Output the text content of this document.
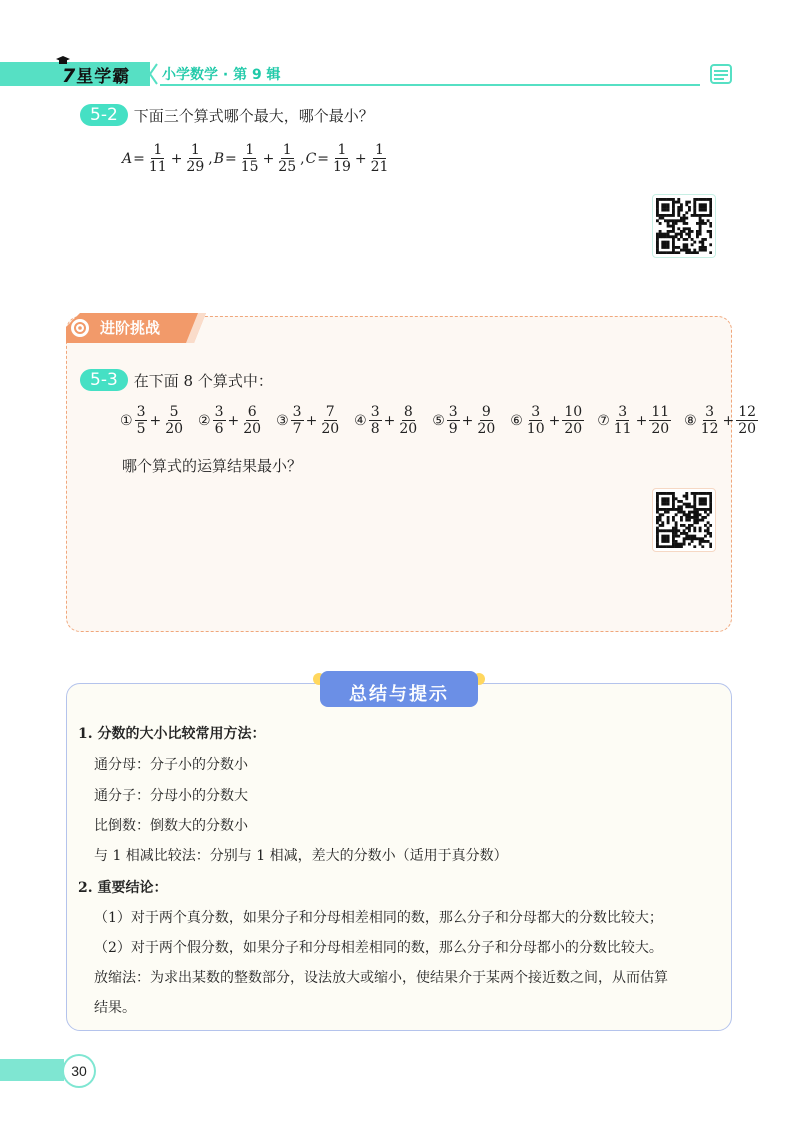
7星学霸 小学数学 · 第 9 辑
5-2	下面三个算式哪个最大，哪个最小？
$A = \frac{1}{11} + \frac{1}{29}$ , $B = \frac{1}{15} + \frac{1}{25}$ , $C = \frac{1}{19} + \frac{1}{21}$
进阶挑战
5-3	在下面 8 个算式中：
① $\frac{3}{5} + \frac{5}{20}$ ② $\frac{3}{6} + \frac{6}{20}$ ③ $\frac{3}{7} + \frac{7}{20}$ ④ $\frac{3}{8} + \frac{8}{20}$ ⑤ $\frac{3}{9} + \frac{9}{20}$ ⑥ $\frac{3}{10} + \frac{10}{20}$ ⑦ $\frac{3}{11} + \frac{11}{20}$ ⑧ $\frac{3}{12} + \frac{12}{20}$
哪个算式的运算结果最小？
总结与提示
1. 分数的大小比较常用方法：
通分母：分子小的分数小
通分子：分母小的分数大
比倒数：倒数大的分数小
与 1 相减比较法：分别与 1 相减，差大的分数小（适用于真分数）
2. 重要结论：
（1）对于两个真分数，如果分子和分母相差相同的数，那么分子和分母都大的分数比较大；
（2）对于两个假分数，如果分子和分母相差相同的数，那么分子和分母都小的分数比较大。
放缩法：为求出某数的整数部分，设法放大或缩小，使结果介于某两个接近数之间，从而估算
结果。
30
